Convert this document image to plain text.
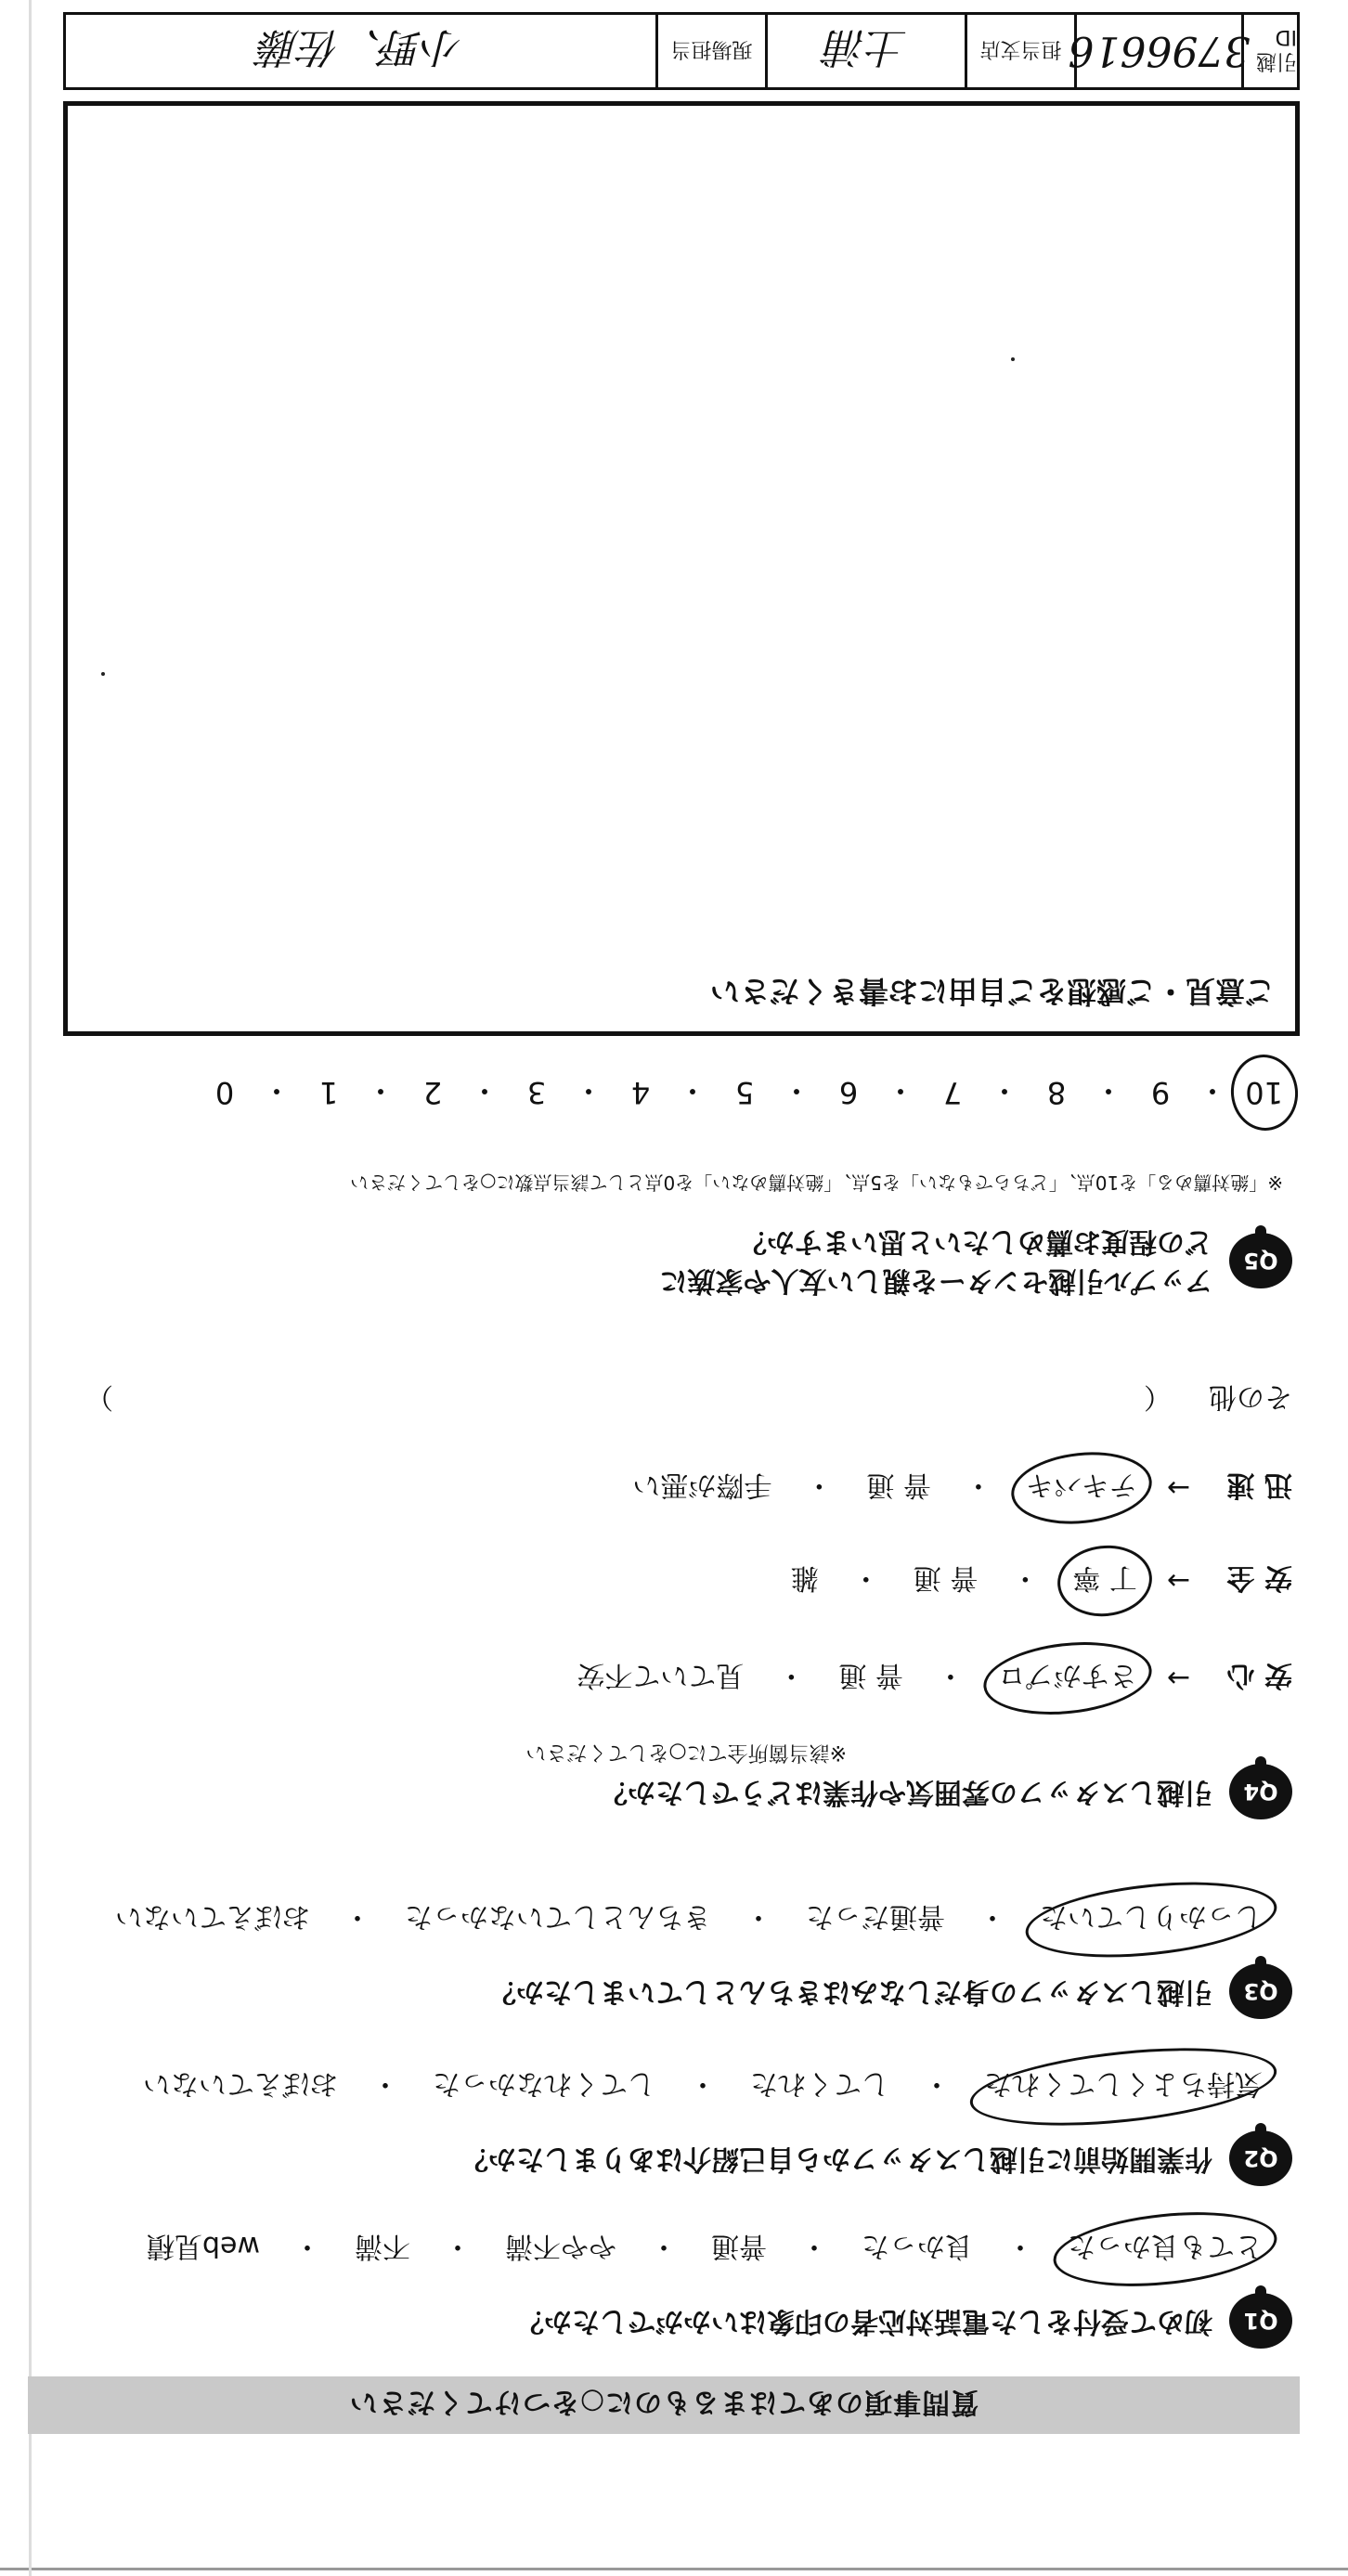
質問事項のあてはまるものに○をつけてください
Q1
初めて受付をした電話対応者の印象はいかがでしたか？
とても良かった
・
良かった
・
普通
・
やや不満
・
不満
・
web見積
Q2
作業開始前に引越しスタッフから自己紹介はありましたか？
気持ちよくしてくれた
・
してくれた
・
してくれなかった
・
おぼえていない
Q3
引越しスタッフの身だしなみはきちんとしていましたか？
しっかりしていた
・
普通だった
・
きちんとしていなかった
・
おぼえていない
Q4
引越しスタッフの雰囲気や作業はどうでしたか？
※該当箇所全てに○をしてください
安 心
→
さすがプロ
・
普 通
・
見ていて不安
安 全
→
丁 寧
・
普 通
・
雑
迅 速
→
テキパキ
・
普 通
・
手際が悪い
その他
（
）
Q5
アップル引越センターを親しい友人や家族に
どの程度お薦めしたいと思いますか？
※「絶対薦める」を10点、「どちらでもない」を5点、「絶対薦めない」を0点として該当点数に○をしてください
10
・
9
・
8
・
7
・
6
・
5
・
4
・
3
・
2
・
1
・
0
ご意見・ご感想をご自由にお書きください
引越ID
3796616
担当支店
土浦
現場担当
小野、佐藤
